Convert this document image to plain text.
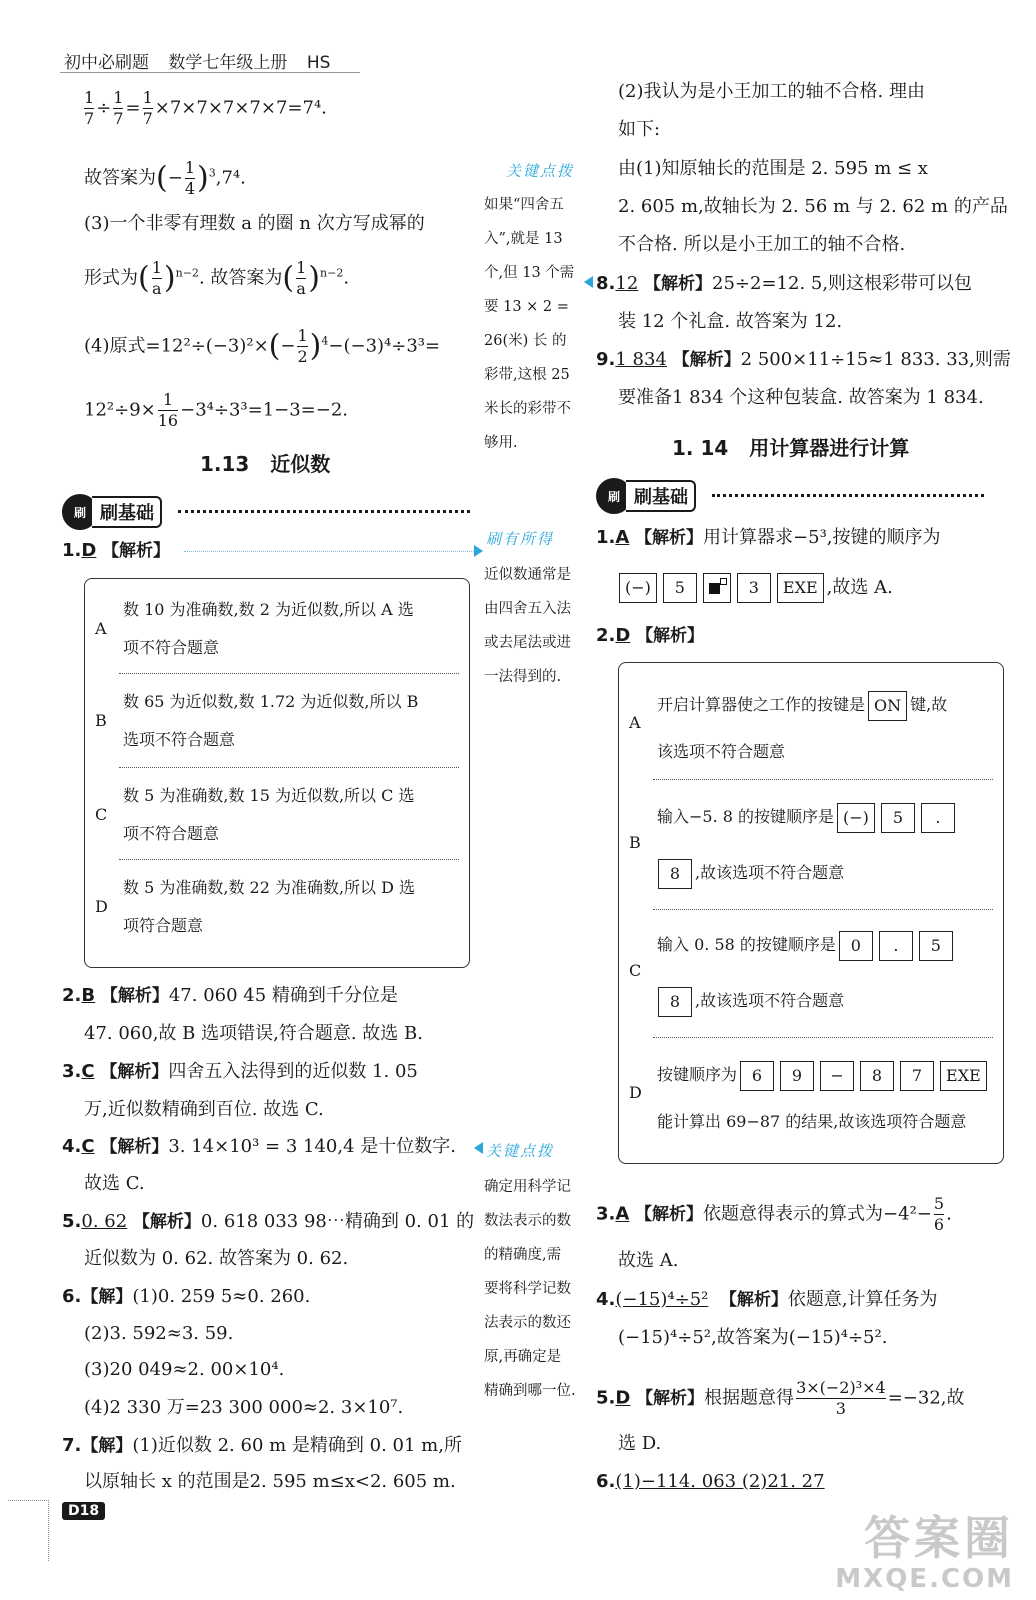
初中必刷题 数学七年级上册 HS
$\frac{1}{7} \div \frac{1}{7} = \frac{1}{7} \times 7\times 7\times 7\times 7\times 7=7^4$.
故答案为(− $\frac{1}{4} )^3,7^4$.
(3)一个非零有理数 a 的圈 n 次方写成幂的
形式为( $\frac{1}{a} )^{n-2}$. 故答案为( $\frac{1}{a} )^{n-2}$.
(4)原式$=12^2\div(-3)^2\times(- \frac{1}{2} )^4-(-3)^4\div 3^3=$
$12^2\div 9\times \frac{1}{16} -3^4\div 3^3=1-3=-2$.
1.13 近似数
刷 刷基础
1.D 【解析】
A
数 10 为准确数,数 2 为近似数,所以 A 选
项不符合题意
B
数 65 为近似数,数 1.72 为近似数,所以 B
选项不符合题意
C
数 5 为准确数,数 15 为近似数,所以 C 选
项不符合题意
D
数 5 为准确数,数 22 为准确数,所以 D 选
项符合题意
2.B 【解析】47. 060 45 精确到千分位是
47. 060,故 B 选项错误,符合题意. 故选 B.
3.C 【解析】四舍五入法得到的近似数 1. 05
万,近似数精确到百位. 故选 C.
4.C 【解析】3. 14×10³ = 3 140,4 是十位数字.
故选 C.
5.0. 62 【解析】0. 618 033 98⋯精确到 0. 01 的
近似数为 0. 62. 故答案为 0. 62.
6.【解】(1)0. 259 5≈0. 260.
(2)3. 592≈3. 59.
(3)20 049≈2. 00×10⁴.
(4)2 330 万=23 300 000≈2. 3×10⁷.
7.【解】(1)近似数 2. 60 m 是精确到 0. 01 m,所
以原轴长 x 的范围是2. 595 m≤x<2. 605 m.
关键点拨
如果“四舍五
入”,就是 13
个,但 13 个需
要 13 × 2 =
26(米) 长 的
彩带,这根 25
米长的彩带不
够用.
刷有所得
近似数通常是
由四舍五入法
或去尾法或进
一法得到的.
关键点拨
确定用科学记
数法表示的数
的精确度,需
要将科学记数
法表示的数还
原,再确定是
精确到哪一位.
(2)我认为是小王加工的轴不合格. 理由
如下:
由(1)知原轴长的范围是 2. 595 m ≤ x
2. 605 m,故轴长为 2. 56 m 与 2. 62 m 的产品
不合格. 所以是小王加工的轴不合格.
8.12 【解析】25÷2=12. 5,则这根彩带可以包
装 12 个礼盒. 故答案为 12.
9.1 834 【解析】2 500×11÷15≈1 833. 33,则需
要准备1 834 个这种包装盒. 故答案为 1 834.
1. 14 用计算器进行计算
刷 刷基础
1.A 【解析】用计算器求−5³,按键的顺序为
(−) 5	3 EXE ,故选 A.
2.D 【解析】
A
开启计算器使之工作的按键是 ON 键,故
该选项不符合题意
B
输入−5. 8 的按键顺序是 (−) 5 .
8 ,故该选项不符合题意
C
输入 0. 58 的按键顺序是 0 . 5
8 ,故该选项不符合题意
D
按键顺序为 6 9 − 8 7 EXE
能计算出 69−87 的结果,故该选项符合题意
3.A 【解析】依题意得表示的算式为$-4^2- \frac{5}{6}$ .
故选 A.
4.(−15)⁴÷5² 【解析】依题意,计算任务为
(−15)⁴÷5²,故答案为(−15)⁴÷5².
5.D 【解析】根据题意得 $\frac{\text{3×(−2)³×4}}{3} =-32$,故
选 D.
6.(1)−114. 063 (2)21. 27
D18	答案圈
MXQE.COM
